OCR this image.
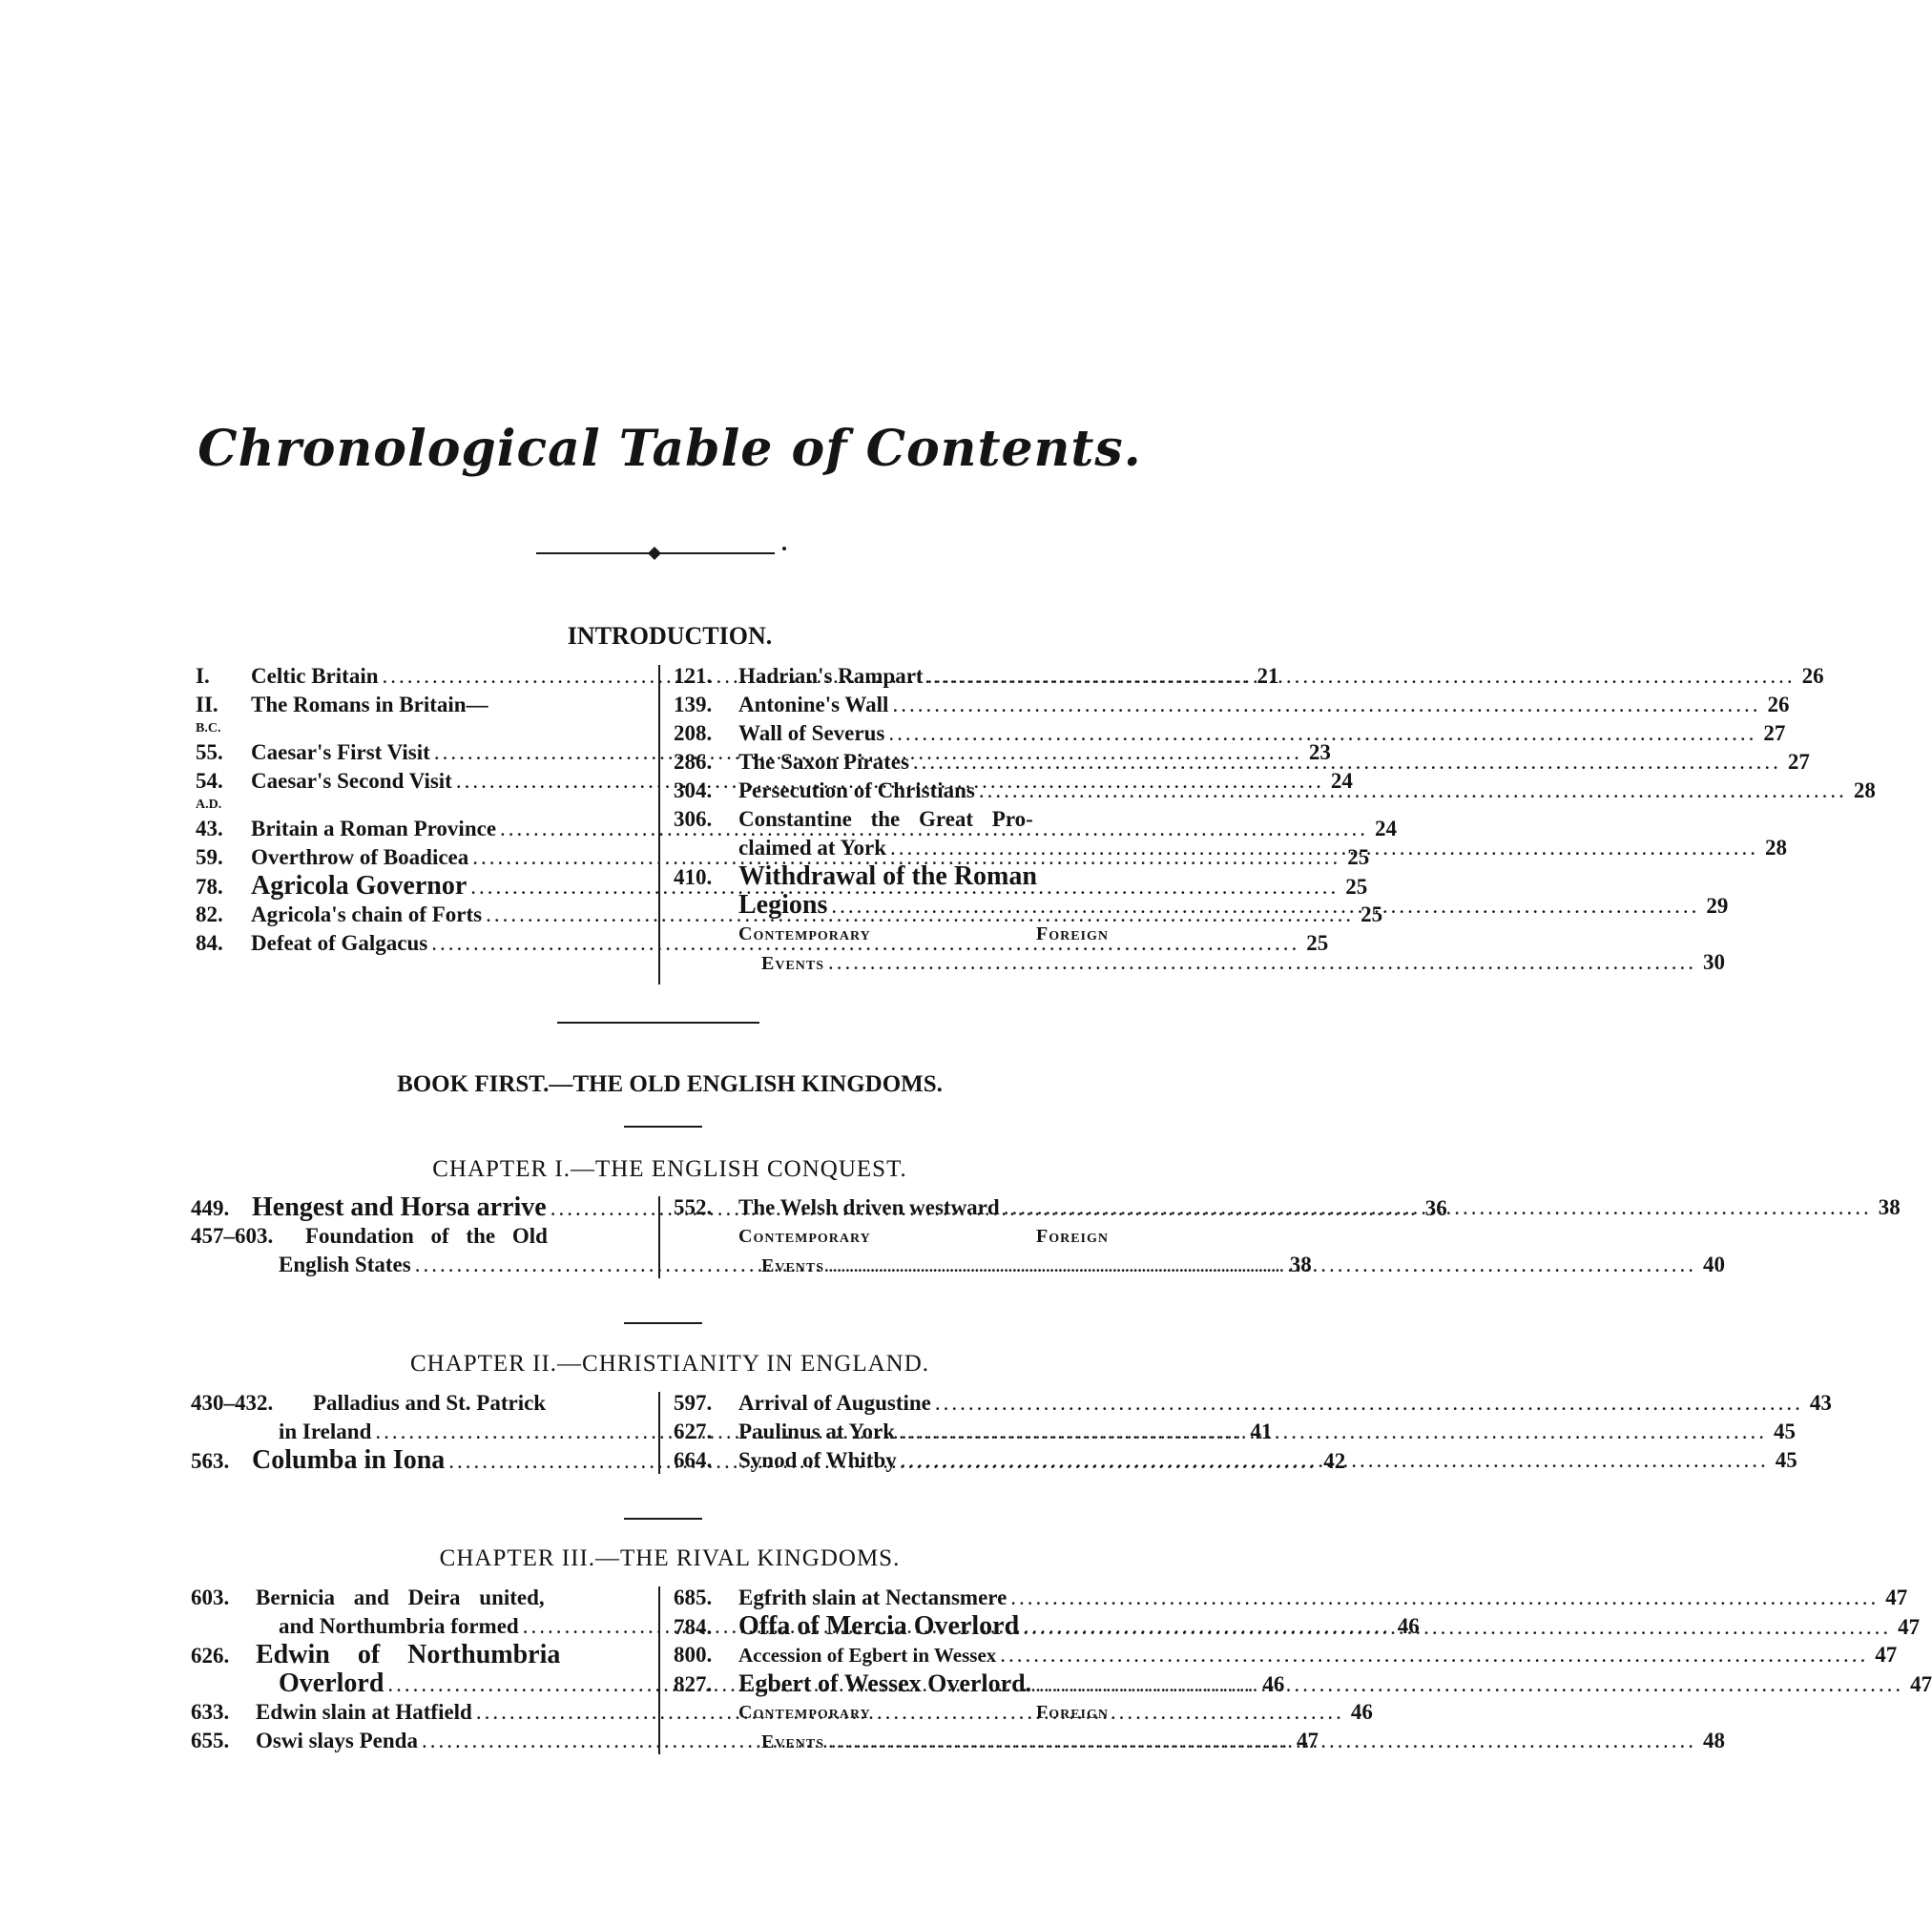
Chronological Table of Contents.
INTRODUCTION.
I.	Celtic Britain .....	21
II.	The Romans in Britain—
B.C.
55.	Caesar's First Visit .....	23
54.	Caesar's Second Visit .....	24
A.D.
43.	Britain a Roman Province .....	24
59.	Overthrow of Boadicea .....	25
78.	Agricola Governor .....	25
82.	Agricola's chain of Forts .....	25
84.	Defeat of Galgacus .....	25
121.	Hadrian's Rampart .....	26
139.	Antonine's Wall .....	26
208.	Wall of Severus .....	27
286.	The Saxon Pirates .....	27
304.	Persecution of Christians .....	28
306.	Constantine the Great Pro-
claimed at York .....	28
410. Withdrawal of the Roman
Legions .....	29
Contemporary	Foreign
Events .....	30
BOOK FIRST.—THE OLD ENGLISH KINGDOMS.
CHAPTER I.—THE ENGLISH CONQUEST.
449. Hengest and Horsa arrive .....	36
457–603.	Foundation of the Old
English States .....	38
552.	The Welsh driven westward .....	38
Contemporary	Foreign
Events .....	40
CHAPTER II.—CHRISTIANITY IN ENGLAND.
430–432.	Palladius and St. Patrick
in Ireland .....	41
563. Columba in Iona .....	42
597.	Arrival of Augustine .....	43
627.	Paulinus at York .....	45
664.	Synod of Whitby .....	45
CHAPTER III.—THE RIVAL KINGDOMS.
603.	Bernicia and Deira united,
and Northumbria formed .....	46
626. Edwin of Northumbria
Overlord .....	46
633.	Edwin slain at Hatfield .....	46
655.	Oswi slays Penda .....	47
685.	Egfrith slain at Nectansmere .....	47
784. Offa of Mercia Overlord .....	47
800.	Accession of Egbert in Wessex .....	47
827.	Egbert of Wessex Overlord. .....	47
Contemporary	Foreign
Events .....	48
